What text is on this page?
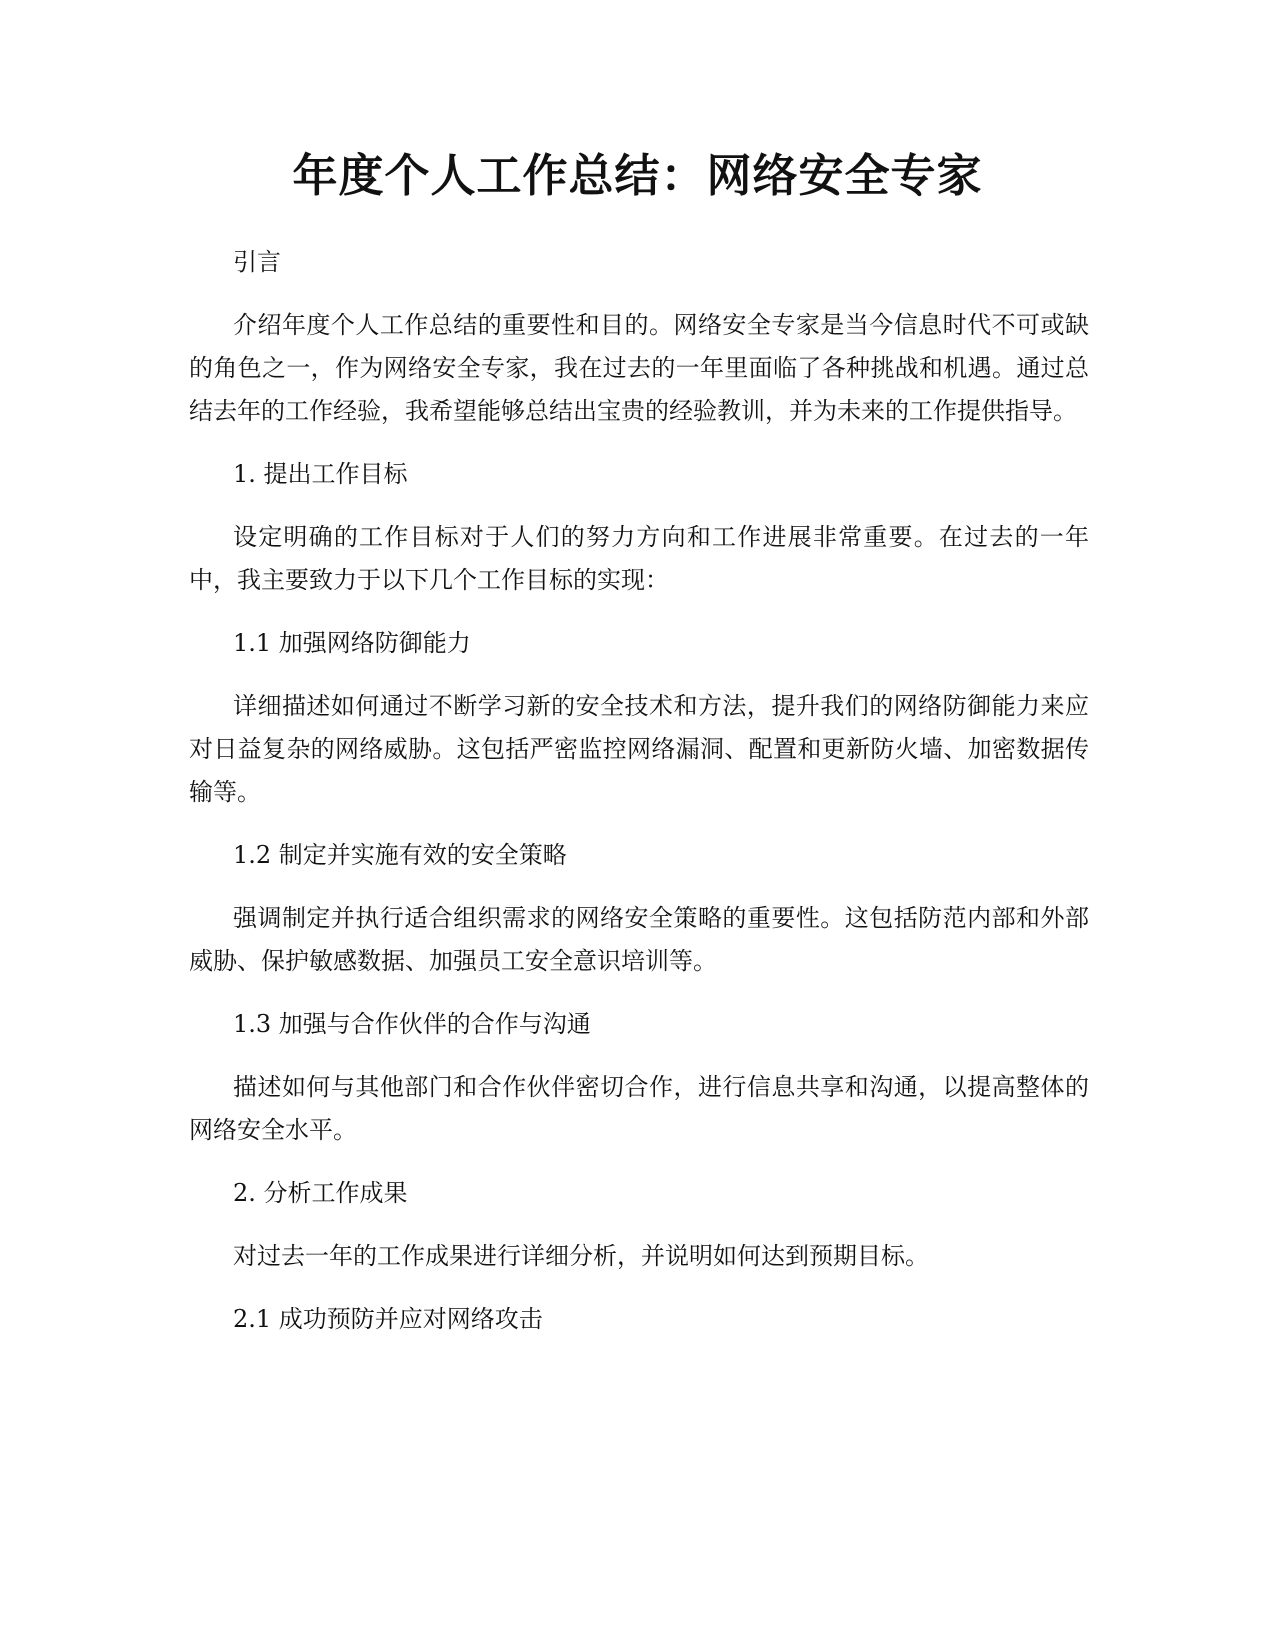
年度个人工作总结：网络安全专家

引言

介绍年度个人工作总结的重要性和目的。网络安全专家是当今信息时代不可或缺的角色之一，作为网络安全专家，我在过去的一年里面临了各种挑战和机遇。通过总结去年的工作经验，我希望能够总结出宝贵的经验教训，并为未来的工作提供指导。

1. 提出工作目标

设定明确的工作目标对于人们的努力方向和工作进展非常重要。在过去的一年中，我主要致力于以下几个工作目标的实现：

1.1 加强网络防御能力

详细描述如何通过不断学习新的安全技术和方法，提升我们的网络防御能力来应对日益复杂的网络威胁。这包括严密监控网络漏洞、配置和更新防火墙、加密数据传输等。

1.2 制定并实施有效的安全策略

强调制定并执行适合组织需求的网络安全策略的重要性。这包括防范内部和外部威胁、保护敏感数据、加强员工安全意识培训等。

1.3 加强与合作伙伴的合作与沟通

描述如何与其他部门和合作伙伴密切合作，进行信息共享和沟通，以提高整体的网络安全水平。

2. 分析工作成果

对过去一年的工作成果进行详细分析，并说明如何达到预期目标。

2.1 成功预防并应对网络攻击
